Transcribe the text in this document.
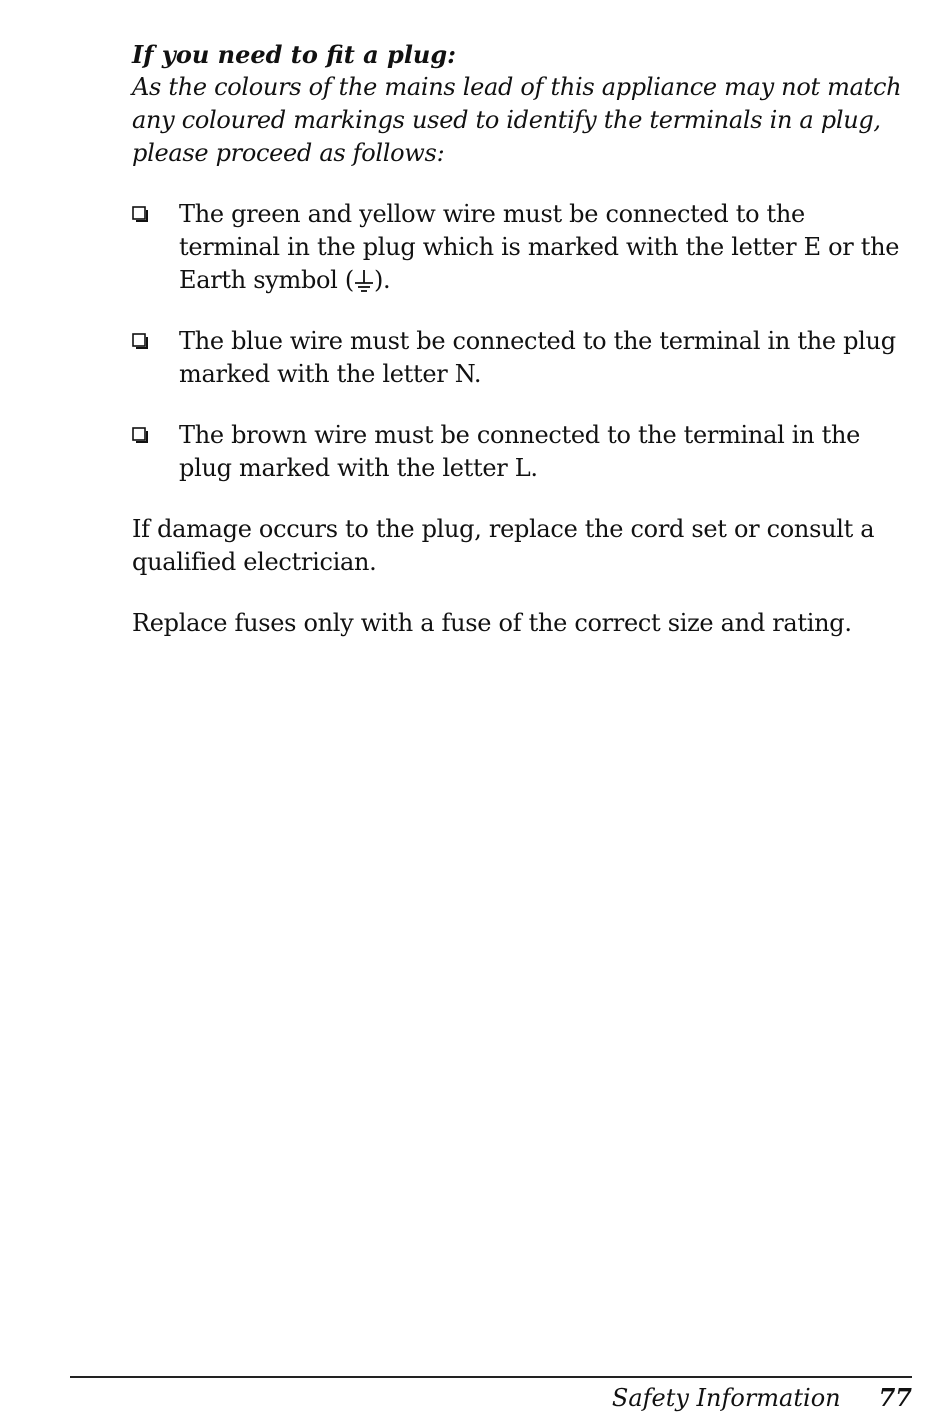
If you need to fit a plug:

As the colours of the mains lead of this appliance may not match any coloured markings used to identify the terminals in a plug, please proceed as follows:

The green and yellow wire must be connected to the terminal in the plug which is marked with the letter E or the Earth symbol ( ).
The blue wire must be connected to the terminal in the plug marked with the letter N.
The brown wire must be connected to the terminal in the plug marked with the letter L.

If damage occurs to the plug, replace the cord set or consult a qualified electrician.

Replace fuses only with a fuse of the correct size and rating.

Safety Information 77
